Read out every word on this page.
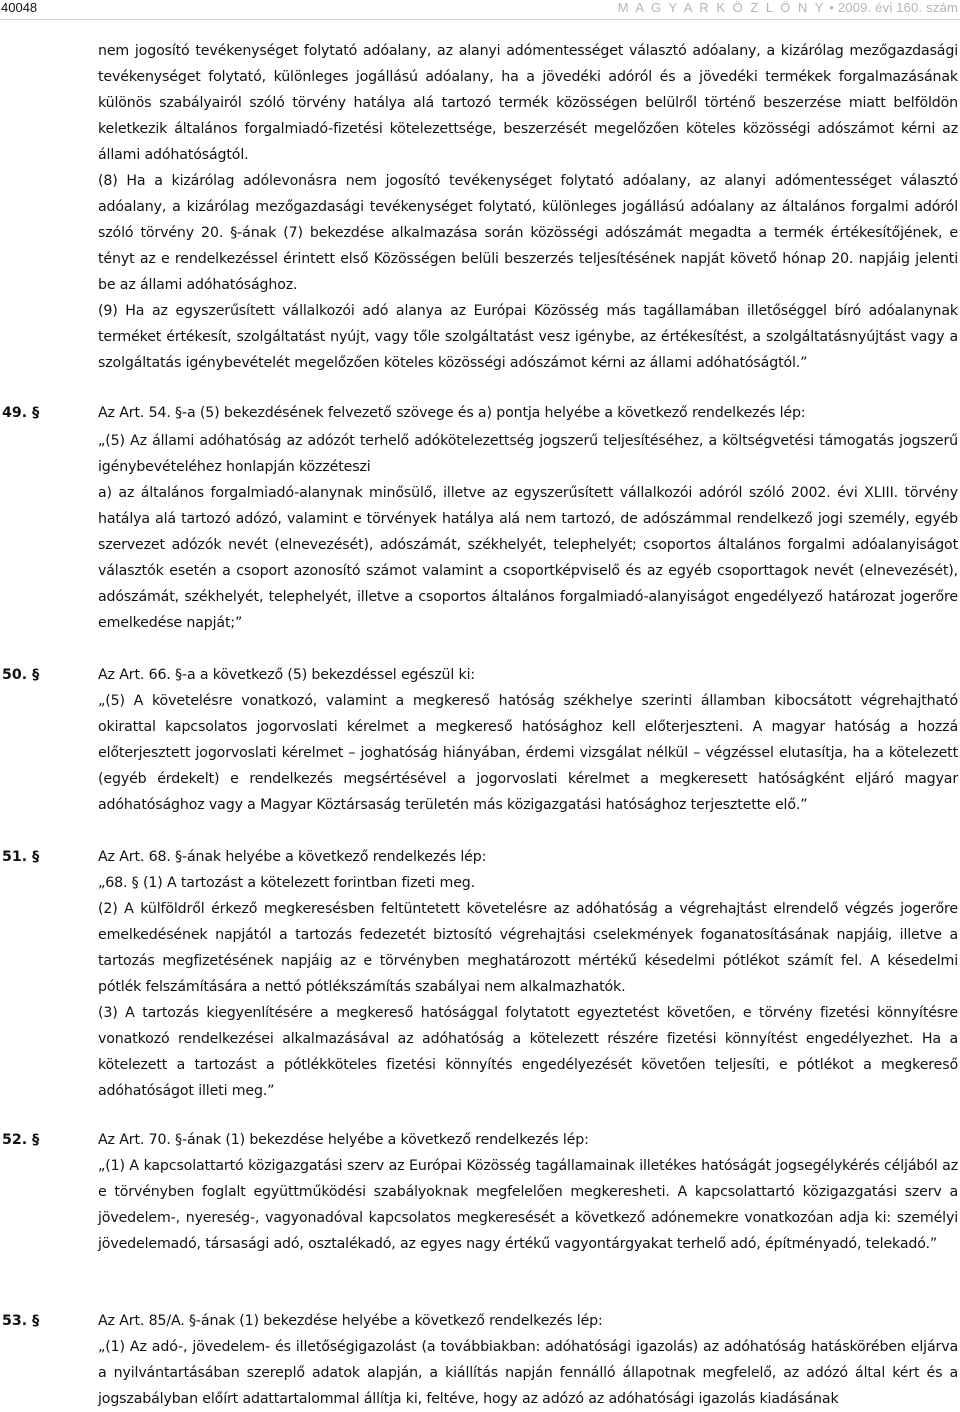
40048	M A G Y A R K Ö Z L Ö N Y • 2009. évi 160. szám

nem jogosító tevékenységet folytató adóalany, az alanyi adómentességet választó adóalany, a kizárólag mezőgazdasági tevékenységet folytató, különleges jogállású adóalany, ha a jövedéki adóról és a jövedéki termékek forgalmazásának különös szabályairól szóló törvény hatálya alá tartozó termék közösségen belülről történő beszerzése miatt belföldön keletkezik általános forgalmiadó-fizetési kötelezettsége, beszerzését megelőzően köteles közösségi adószámot kérni az állami adóhatóságtól.

(8) Ha a kizárólag adólevonásra nem jogosító tevékenységet folytató adóalany, az alanyi adómentességet választó adóalany, a kizárólag mezőgazdasági tevékenységet folytató, különleges jogállású adóalany az általános forgalmi adóról szóló törvény 20. §-ának (7) bekezdése alkalmazása során közösségi adószámát megadta a termék értékesítőjének, e tényt az e rendelkezéssel érintett első Közösségen belüli beszerzés teljesítésének napját követő hónap 20. napjáig jelenti be az állami adóhatósághoz.

(9) Ha az egyszerűsített vállalkozói adó alanya az Európai Közösség más tagállamában illetőséggel bíró adóalanynak terméket értékesít, szolgáltatást nyújt, vagy tőle szolgáltatást vesz igénybe, az értékesítést, a szolgáltatásnyújtást vagy a szolgáltatás igénybevételét megelőzően köteles közösségi adószámot kérni az állami adóhatóságtól.”

49. §	Az Art. 54. §-a (5) bekezdésének felvezető szövege és a) pontja helyébe a következő rendelkezés lép:

„(5) Az állami adóhatóság az adózót terhelő adókötelezettség jogszerű teljesítéséhez, a költségvetési támogatás jogszerű igénybevételéhez honlapján közzéteszi

a) az általános forgalmiadó-alanynak minősülő, illetve az egyszerűsített vállalkozói adóról szóló 2002. évi XLIII. törvény hatálya alá tartozó adózó, valamint e törvények hatálya alá nem tartozó, de adószámmal rendelkező jogi személy, egyéb szervezet adózók nevét (elnevezését), adószámát, székhelyét, telephelyét; csoportos általános forgalmi adóalanyiságot választók esetén a csoport azonosító számot valamint a csoportképviselő és az egyéb csoporttagok nevét (elnevezését), adószámát, székhelyét, telephelyét, illetve a csoportos általános forgalmiadó-alanyiságot engedélyező határozat jogerőre emelkedése napját;”

50. §	Az Art. 66. §-a a következő (5) bekezdéssel egészül ki:

„(5) A követelésre vonatkozó, valamint a megkereső hatóság székhelye szerinti államban kibocsátott végrehajtható okirattal kapcsolatos jogorvoslati kérelmet a megkereső hatósághoz kell előterjeszteni. A magyar hatóság a hozzá előterjesztett jogorvoslati kérelmet – joghatóság hiányában, érdemi vizsgálat nélkül – végzéssel elutasítja, ha a kötelezett (egyéb érdekelt) e rendelkezés megsértésével a jogorvoslati kérelmet a megkeresett hatóságként eljáró magyar adóhatósághoz vagy a Magyar Köztársaság területén más közigazgatási hatósághoz terjesztette elő.”

51. §	Az Art. 68. §-ának helyébe a következő rendelkezés lép:

„68. § (1) A tartozást a kötelezett forintban fizeti meg.

(2) A külföldről érkező megkeresésben feltüntetett követelésre az adóhatóság a végrehajtást elrendelő végzés jogerőre emelkedésének napjától a tartozás fedezetét biztosító végrehajtási cselekmények foganatosításának napjáig, illetve a tartozás megfizetésének napjáig az e törvényben meghatározott mértékű késedelmi pótlékot számít fel. A késedelmi pótlék felszámítására a nettó pótlékszámítás szabályai nem alkalmazhatók.

(3) A tartozás kiegyenlítésére a megkereső hatósággal folytatott egyeztetést követően, e törvény fizetési könnyítésre vonatkozó rendelkezései alkalmazásával az adóhatóság a kötelezett részére fizetési könnyítést engedélyezhet. Ha a kötelezett a tartozást a pótlékköteles fizetési könnyítés engedélyezését követően teljesíti, e pótlékot a megkereső adóhatóságot illeti meg.”

52. §	Az Art. 70. §-ának (1) bekezdése helyébe a következő rendelkezés lép:

„(1) A kapcsolattartó közigazgatási szerv az Európai Közösség tagállamainak illetékes hatóságát jogsegélykérés céljából az e törvényben foglalt együttműködési szabályoknak megfelelően megkeresheti. A kapcsolattartó közigazgatási szerv a jövedelem-, nyereség-, vagyonadóval kapcsolatos megkeresését a következő adónemekre vonatkozóan adja ki: személyi jövedelemadó, társasági adó, osztalékadó, az egyes nagy értékű vagyontárgyakat terhelő adó, építményadó, telekadó.”

53. §	Az Art. 85/A. §-ának (1) bekezdése helyébe a következő rendelkezés lép:

„(1) Az adó-, jövedelem- és illetőségigazolást (a továbbiakban: adóhatósági igazolás) az adóhatóság hatáskörében eljárva a nyilvántartásában szereplő adatok alapján, a kiállítás napján fennálló állapotnak megfelelő, az adózó által kért és a jogszabályban előírt adattartalommal állítja ki, feltéve, hogy az adózó az adóhatósági igazolás kiadásának
